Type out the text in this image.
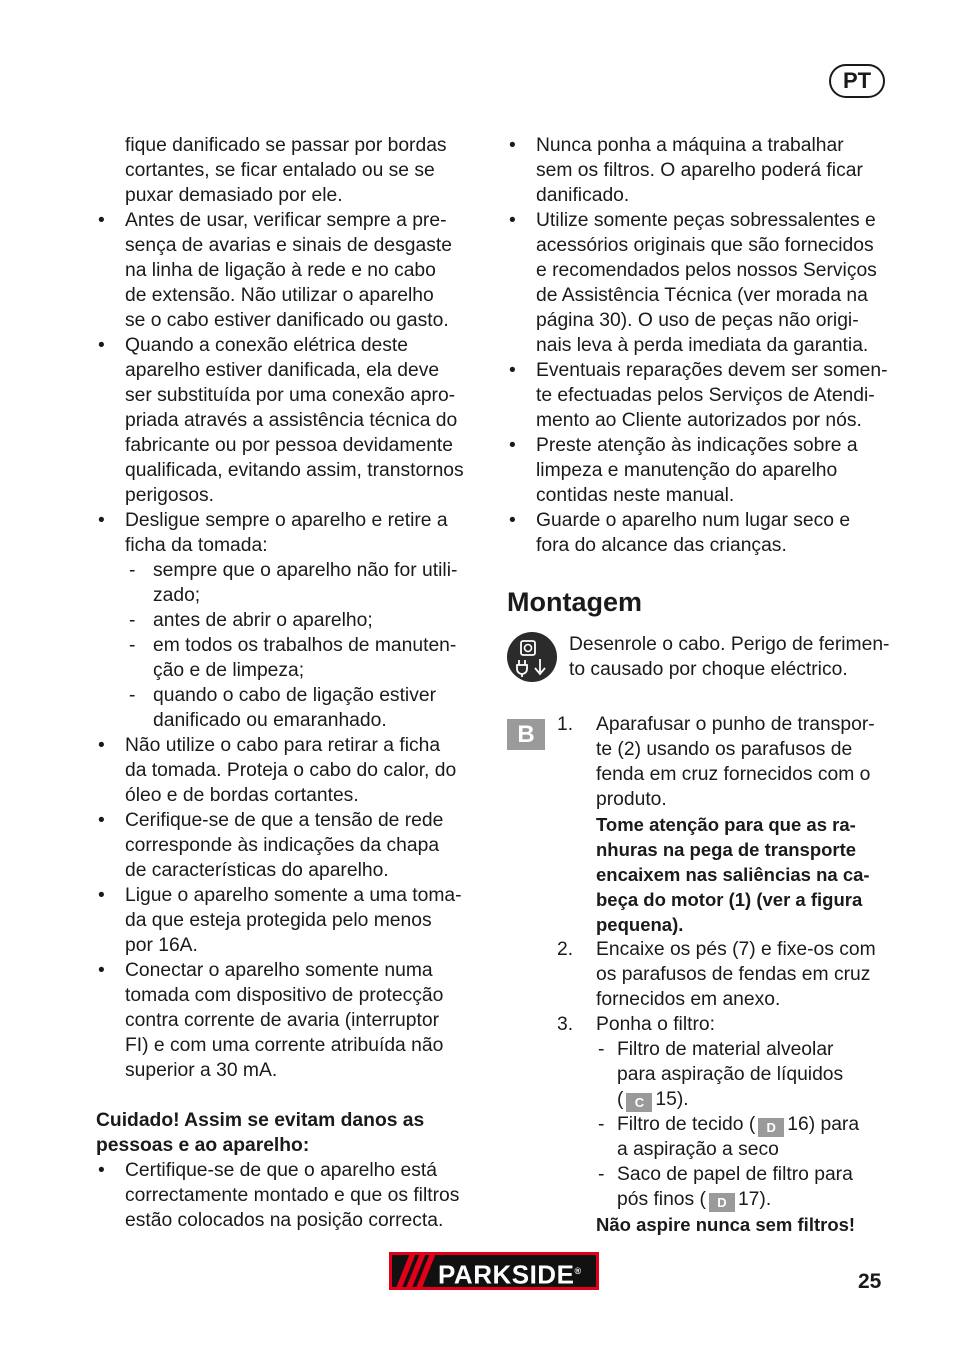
PT

fique danificado se passar por bordas

cortantes, se ficar entalado ou se se

puxar demasiado por ele.

• Antes de usar, verificar sempre a pre-

sença de avarias e sinais de desgaste

na linha de ligação à rede e no cabo

de extensão. Não utilizar o aparelho

se o cabo estiver danificado ou gasto.

• Quando a conexão elétrica deste

aparelho estiver danificada, ela deve

ser substituída por uma conexão apro-

priada através a assistência técnica do

fabricante ou por pessoa devidamente

qualificada, evitando assim, transtornos

perigosos.

• Desligue sempre o aparelho e retire a

ficha da tomada:

- sempre que o aparelho não for utili-

zado;

- antes de abrir o aparelho;

- em todos os trabalhos de manuten-

ção e de limpeza;

- quando o cabo de ligação estiver

danificado ou emaranhado.

• Não utilize o cabo para retirar a ficha

da tomada. Proteja o cabo do calor, do

óleo e de bordas cortantes.

• Cerifique-se de que a tensão de rede

corresponde às indicações da chapa

de características do aparelho.

• Ligue o aparelho somente a uma toma-

da que esteja protegida pelo menos

por 16A.

• Conectar o aparelho somente numa

tomada com dispositivo de protecção

contra corrente de avaria (interruptor

FI) e com uma corrente atribuída não

superior a 30 mA.

Cuidado! Assim se evitam danos as

pessoas e ao aparelho:

• Certifique-se de que o aparelho está

correctamente montado e que os filtros

estão colocados na posição correcta.

• Nunca ponha a máquina a trabalhar

sem os filtros. O aparelho poderá ficar

danificado.

• Utilize somente peças sobressalentes e

acessórios originais que são fornecidos

e recomendados pelos nossos Serviços

de Assistência Técnica (ver morada na

página 30). O uso de peças não origi-

nais leva à perda imediata da garantia.

• Eventuais reparações devem ser somen-

te efectuadas pelos Serviços de Atendi-

mento ao Cliente autorizados por nós.

• Preste atenção às indicações sobre a

limpeza e manutenção do aparelho

contidas neste manual.

• Guarde o aparelho num lugar seco e

fora do alcance das crianças.

Montagem

Desenrole o cabo. Perigo de ferimen-

to causado por choque eléctrico.

B	1. Aparafusar o punho de transpor-

te (2) usando os parafusos de

fenda em cruz fornecidos com o

produto.

Tome atenção para que as ra-

nhuras na pega de transporte

encaixem nas saliências na ca-

beça do motor (1) (ver a figura

pequena).

2. Encaixe os pés (7) e fixe-os com

os parafusos de fendas em cruz

fornecidos em anexo.

3. Ponha o filtro:

- Filtro de material alveolar

para aspiração de líquidos

( C 15).

- Filtro de tecido ( D 16) para

a aspiração a seco

- Saco de papel de filtro para

pós finos ( D 17).

Não aspire nunca sem filtros!

PARKSIDE®	25
